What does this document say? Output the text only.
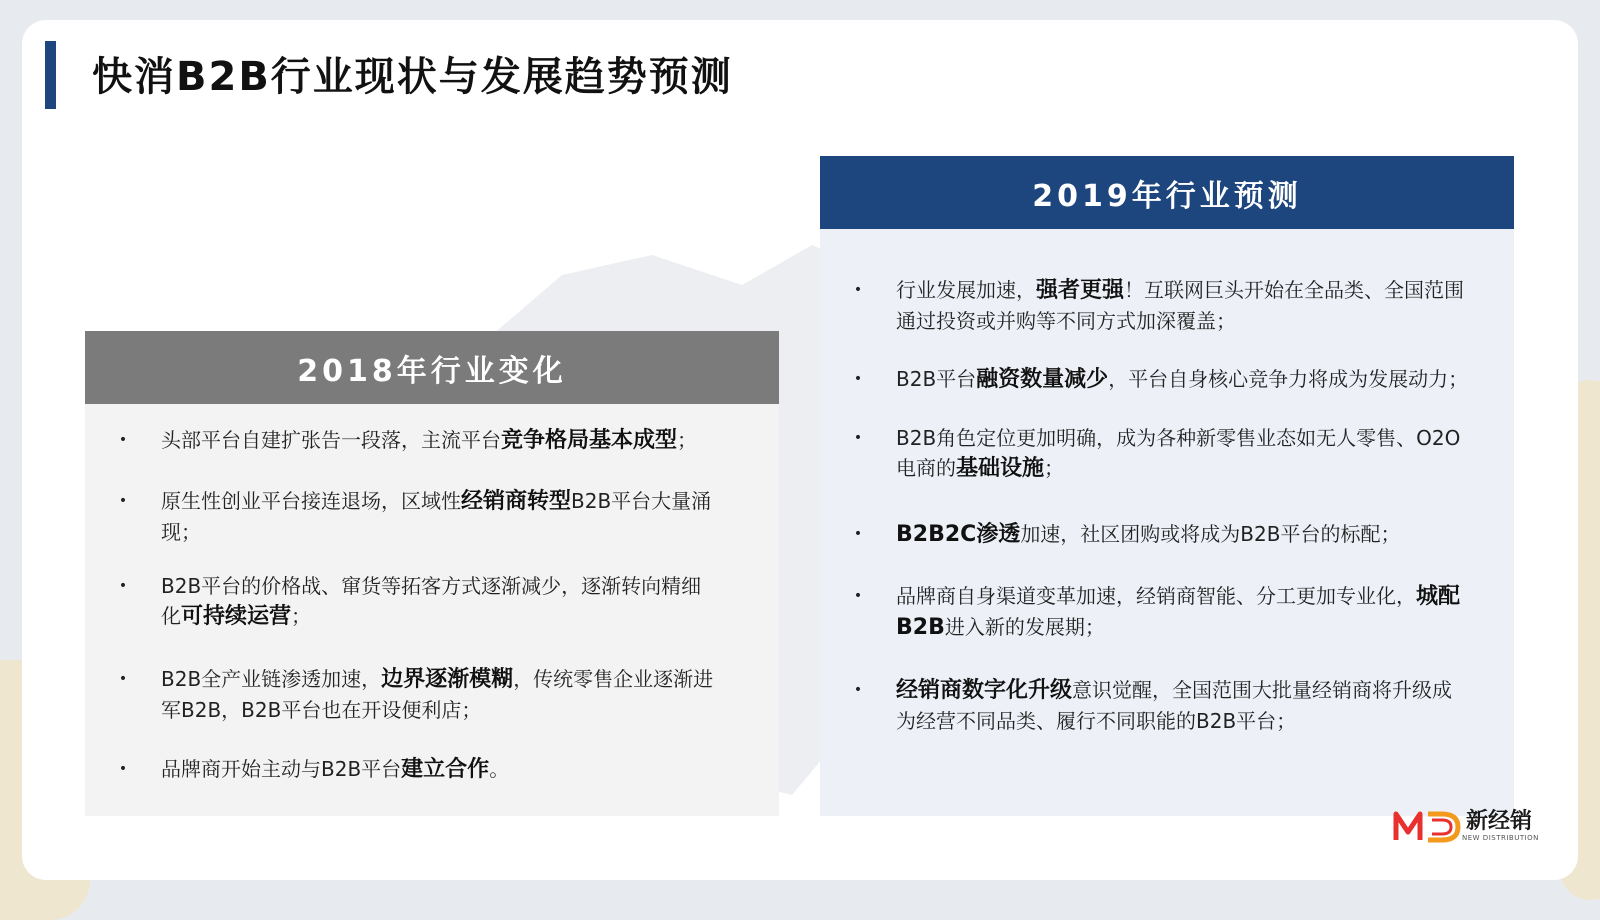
快消B2B行业现状与发展趋势预测
2018年行业变化
•	头部平台自建扩张告一段落，主流平台竞争格局基本成型；
•	原生性创业平台接连退场，区域性经销商转型B2B平台大量涌现；
•	B2B平台的价格战、窜货等拓客方式逐渐减少，逐渐转向精细化可持续运营；
•	B2B全产业链渗透加速，边界逐渐模糊，传统零售企业逐渐进军B2B，B2B平台也在开设便利店；
•	品牌商开始主动与B2B平台建立合作。
2019年行业预测
•	行业发展加速，强者更强！互联网巨头开始在全品类、全国范围通过投资或并购等不同方式加深覆盖；
•	B2B平台融资数量减少，平台自身核心竞争力将成为发展动力；
•	B2B角色定位更加明确，成为各种新零售业态如无人零售、O2O电商的基础设施；
•	B2B2C渗透加速，社区团购或将成为B2B平台的标配；
•	品牌商自身渠道变革加速，经销商智能、分工更加专业化，城配B2B进入新的发展期；
•	经销商数字化升级意识觉醒，全国范围大批量经销商将升级成为经营不同品类、履行不同职能的B2B平台；
新经销
NEW DISTRIBUTION
